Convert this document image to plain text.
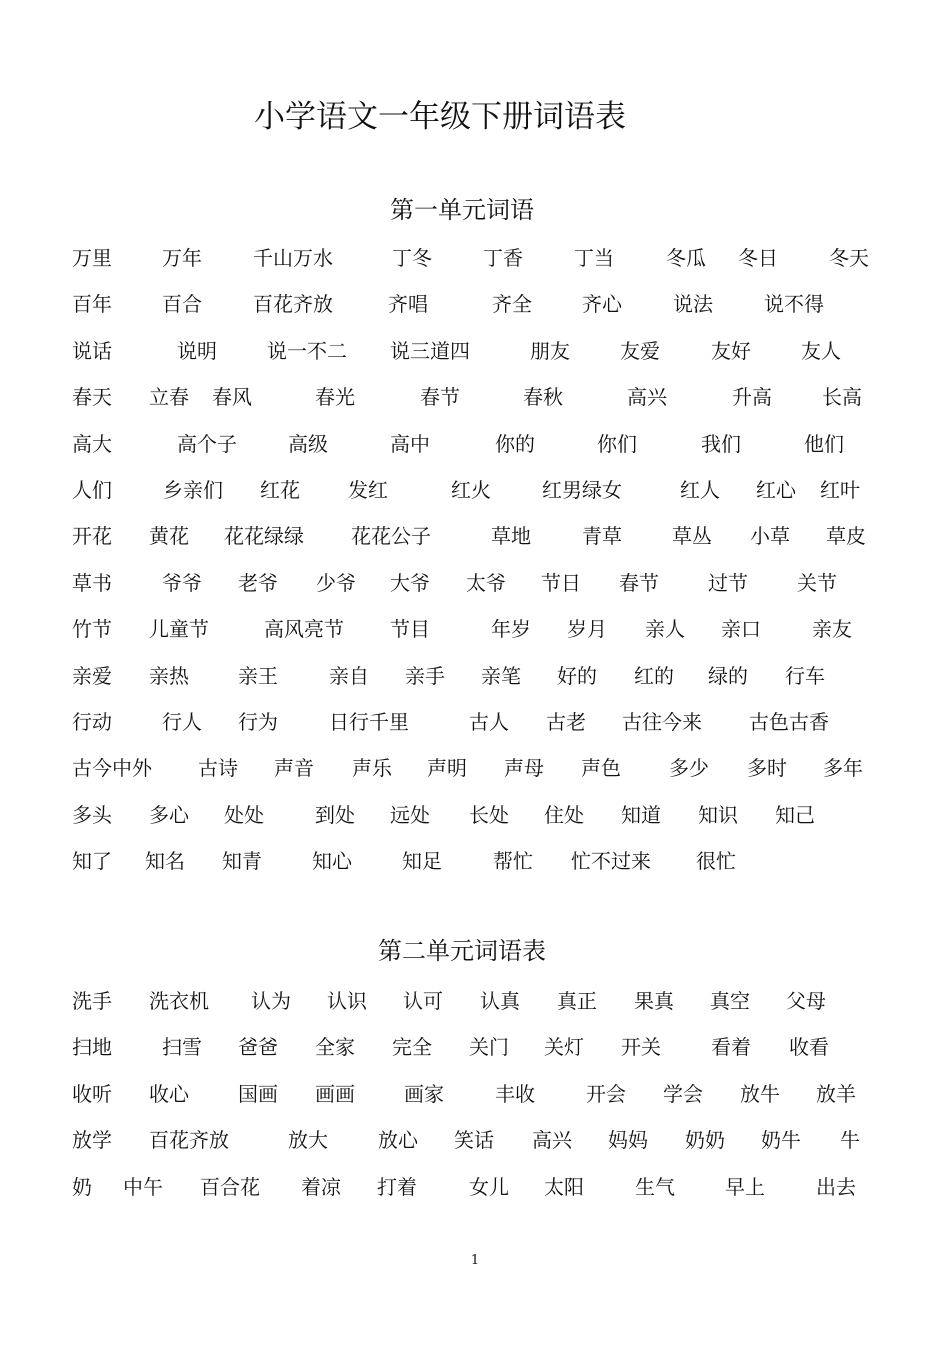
小学语文一年级下册词语表
第一单元词语
万里	万年	千山万水	丁冬	丁香	丁当	冬瓜 冬日	冬天
百年	百合	百花齐放	齐唱	齐全	齐心	说法	说不得
说话	说明	说一不二 说三道四	朋友	友爱	友好	友人
春天 立春 春风	春光	春节	春秋	高兴	升高	长高
高大	高个子	高级	高中	你的	你们	我们	他们
人们	乡亲们 红花 发红	红火	红男绿女	红人 红心 红叶
开花 黄花 花花绿绿 花花公子	草地	青草	草丛 小草 草皮
草书	爷爷 老爷 少爷 大爷 太爷 节日 春节 过节 关节
竹节 儿童节	高风亮节 节目	年岁 岁月 亲人 亲口	亲友
亲爱 亲热 亲王	亲自 亲手 亲笔 好的 红的 绿的 行车
行动	行人 行为	日行千里	古人 古老 古往今来 古色古香
古今中外 古诗 声音 声乐 声明 声母 声色 多少 多时 多年
多头 多心 处处	到处 远处 长处 住处 知道 知识 知己
知了 知名 知青	知心	知足	帮忙 忙不过来 很忙
第二单元词语表
洗手 洗衣机 认为 认识 认可 认真 真正 果真 真空 父母
扫地	扫雪 爸爸 全家 完全 关门 关灯 开关	看着 收看
收听 收心 国画 画画 画家	丰收	开会 学会 放牛 放羊
放学 百花齐放	放大	放心 笑话 高兴 妈妈 奶奶 奶牛 牛
奶 中午 百合花 着凉 打着	女儿 太阳	生气	早上	出去
1
